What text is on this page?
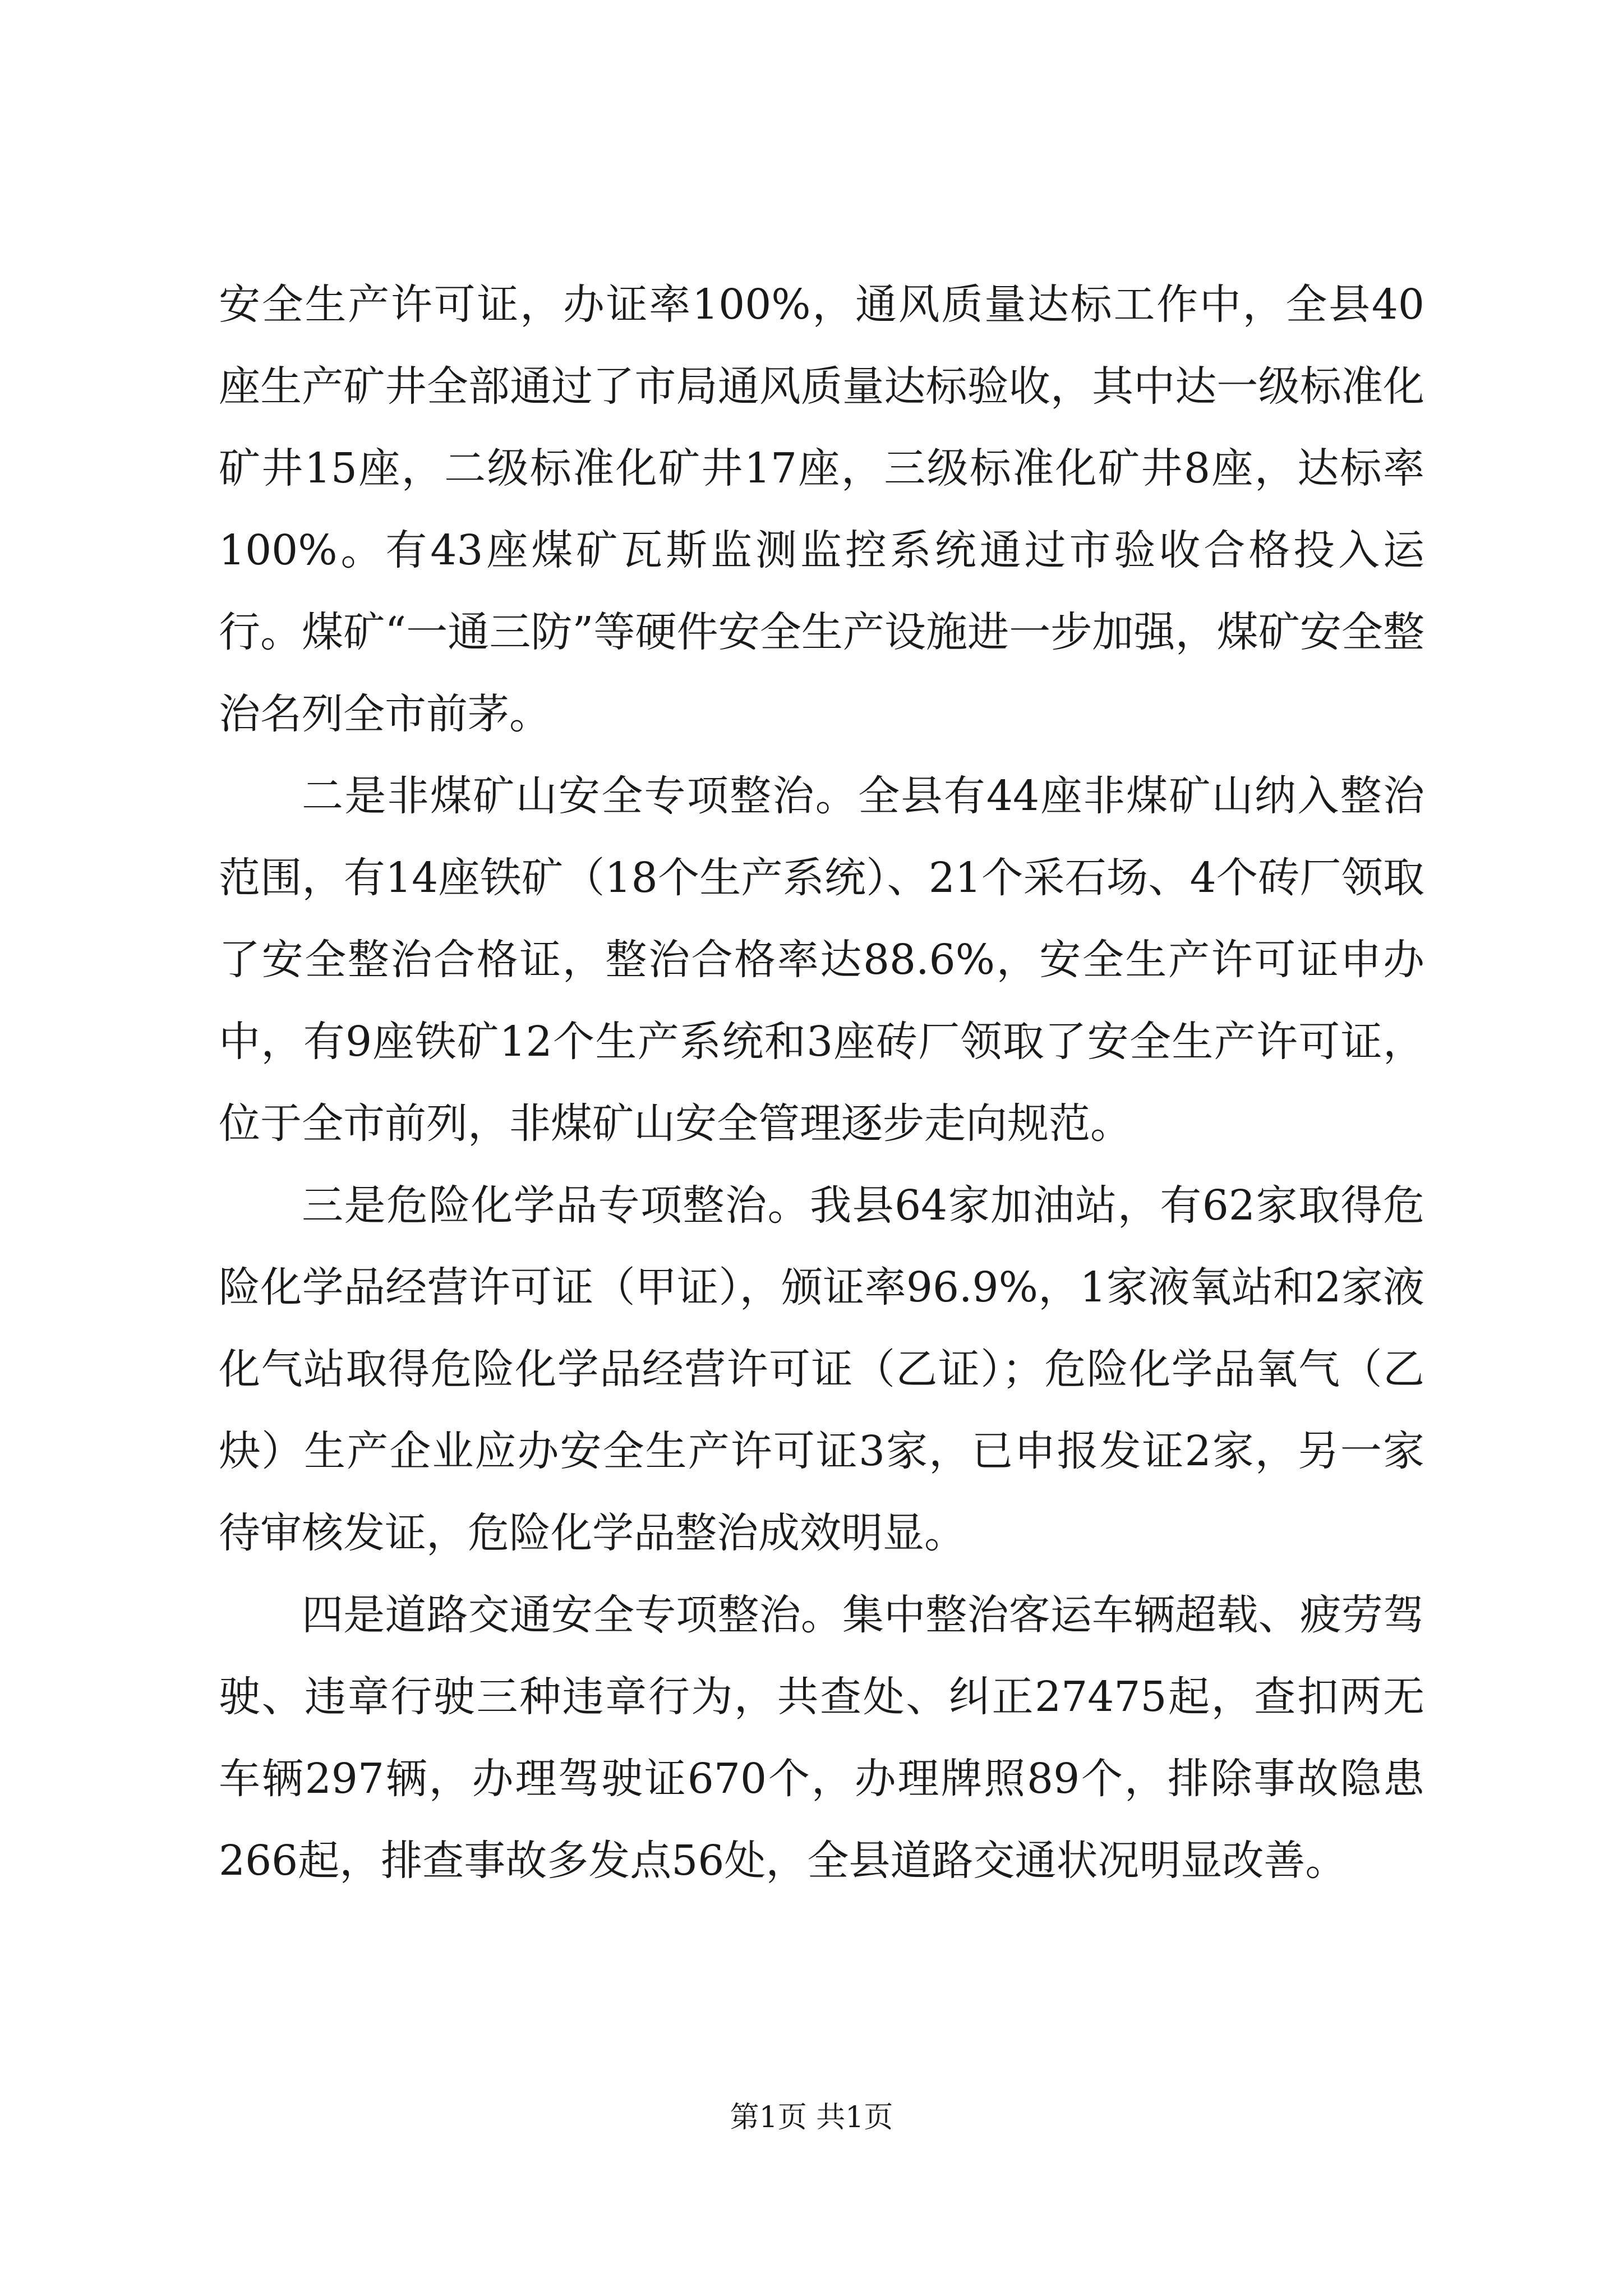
安全生产许可证，办证率100%，通风质量达标工作中，全县40座生产矿井全部通过了市局通风质量达标验收，其中达一级标准化矿井15座，二级标准化矿井17座，三级标准化矿井8座，达标率100%。有43座煤矿瓦斯监测监控系统通过市验收合格投入运行。煤矿“一通三防”等硬件安全生产设施进一步加强，煤矿安全整治名列全市前茅。

二是非煤矿山安全专项整治。全县有44座非煤矿山纳入整治范围，有14座铁矿（18个生产系统）、21个采石场、4个砖厂领取了安全整治合格证，整治合格率达88.6%，安全生产许可证申办中，有9座铁矿12个生产系统和3座砖厂领取了安全生产许可证，位于全市前列，非煤矿山安全管理逐步走向规范。

三是危险化学品专项整治。我县64家加油站，有62家取得危险化学品经营许可证（甲证），颁证率96.9%，1家液氧站和2家液化气站取得危险化学品经营许可证（乙证）；危险化学品氧气（乙炔）生产企业应办安全生产许可证3家，已申报发证2家，另一家待审核发证，危险化学品整治成效明显。

四是道路交通安全专项整治。集中整治客运车辆超载、疲劳驾驶、违章行驶三种违章行为，共查处、纠正27475起，查扣两无车辆297辆，办理驾驶证670个，办理牌照89个，排除事故隐患266起，排查事故多发点56处，全县道路交通状况明显改善。

第1页 共1页
